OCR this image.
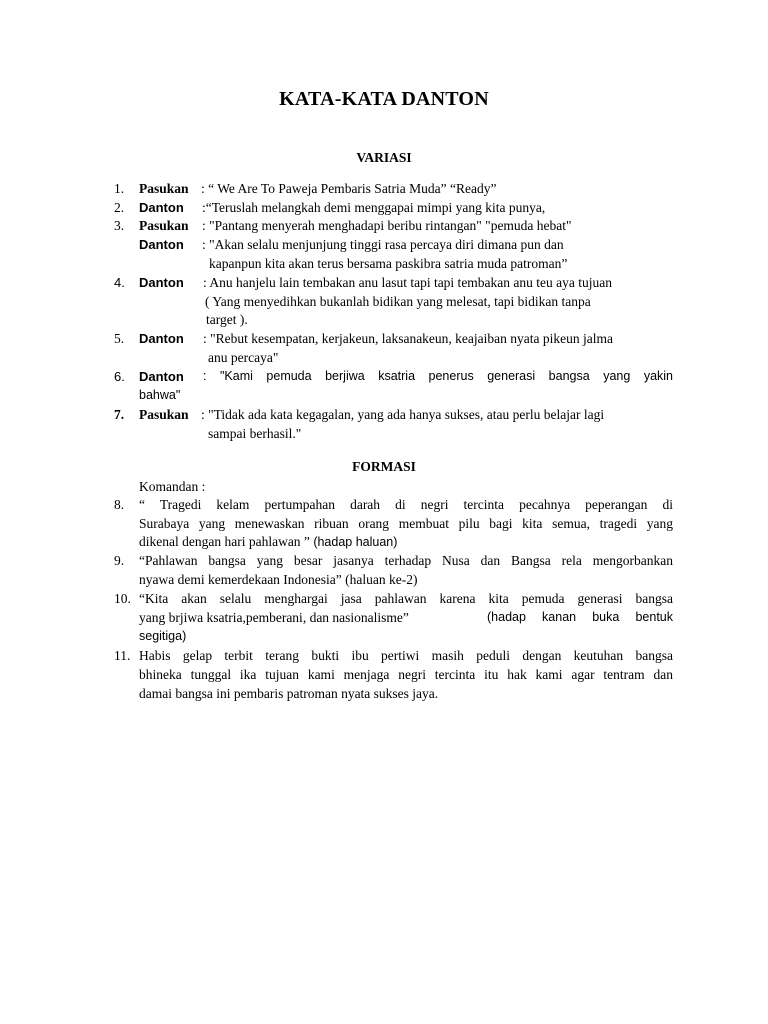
KATA-KATA DANTON
VARIASI
1.	Pasukan : “ We Are To Paweja Pembaris Satria Muda” “Ready”
2.	Danton :“Teruslah melangkah demi menggapai mimpi yang kita punya,
3.	Pasukan : "Pantang menyerah menghadapi beribu rintangan" "pemuda hebat"
Danton : "Akan selalu menjunjung tinggi rasa percaya diri dimana pun dan
kapanpun kita akan terus bersama paskibra satria muda patroman”
4.	Danton : Anu hanjelu lain tembakan anu lasut tapi tapi tembakan anu teu aya tujuan
( Yang menyedihkan bukanlah bidikan yang melesat, tapi bidikan tanpa
target ).
5.	Danton : "Rebut kesempatan, kerjakeun, laksanakeun, keajaiban nyata pikeun jalma
anu percaya"
6.	Danton : "Kami pemuda berjiwa ksatria penerus generasi bangsa yang yakin
bahwa"
7.	Pasukan : "Tidak ada kata kegagalan, yang ada hanya sukses, atau perlu belajar lagi
sampai berhasil."
FORMASI
Komandan :
8.	“ Tragedi kelam pertumpahan darah di negri tercinta pecahnya peperangan di
Surabaya yang menewaskan ribuan orang membuat pilu bagi kita semua, tragedi yang
dikenal dengan hari pahlawan ” (hadap haluan)
9.	“Pahlawan bangsa yang besar jasanya terhadap Nusa dan Bangsa rela mengorbankan
nyawa demi kemerdekaan Indonesia” (haluan ke-2)
10. “Kita akan selalu menghargai jasa pahlawan karena kita pemuda generasi bangsa
yang brjiwa ksatria,pemberani, dan nasionalisme”	(hadap kanan buka bentuk
segitiga)
11. Habis gelap terbit terang bukti ibu pertiwi masih peduli dengan keutuhan bangsa
bhineka tunggal ika tujuan kami menjaga negri tercinta itu hak kami agar tentram dan
damai bangsa ini pembaris patroman nyata sukses jaya.
